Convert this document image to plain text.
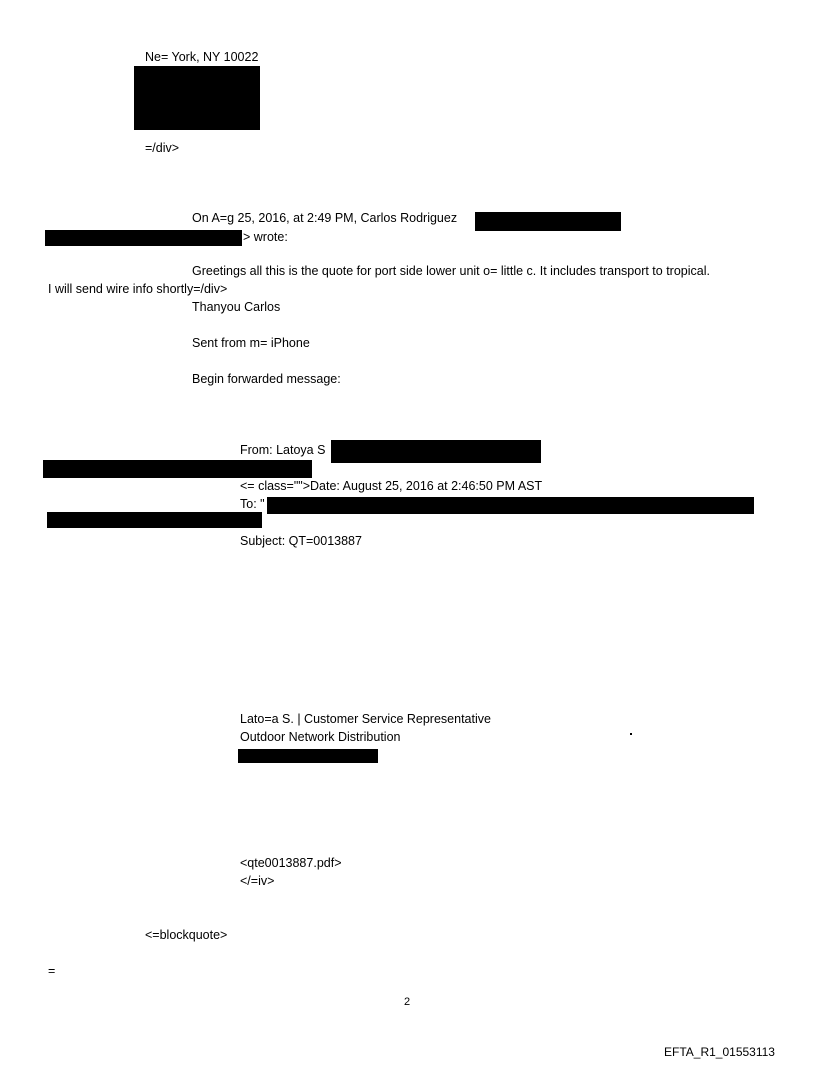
Ne= York, NY 10022
=/div>
On A=g 25, 2016, at 2:49 PM, Carlos Rodriguez
> wrote:
Greetings all this is the quote for port side lower unit o= little c. It includes transport to tropical.
I will send wire info shortly=/div>
Thanyou Carlos
Sent from m= iPhone
Begin forwarded message:
From: Latoya S
<= class="">Date: August 25, 2016 at 2:46:50 PM AST
To: "
Subject: QT=0013887
Lato=a S. | Customer Service Representative
Outdoor Network Distribution
<qte0013887.pdf>
</=iv>
<=blockquote>
=
2
EFTA_R1_01553113
